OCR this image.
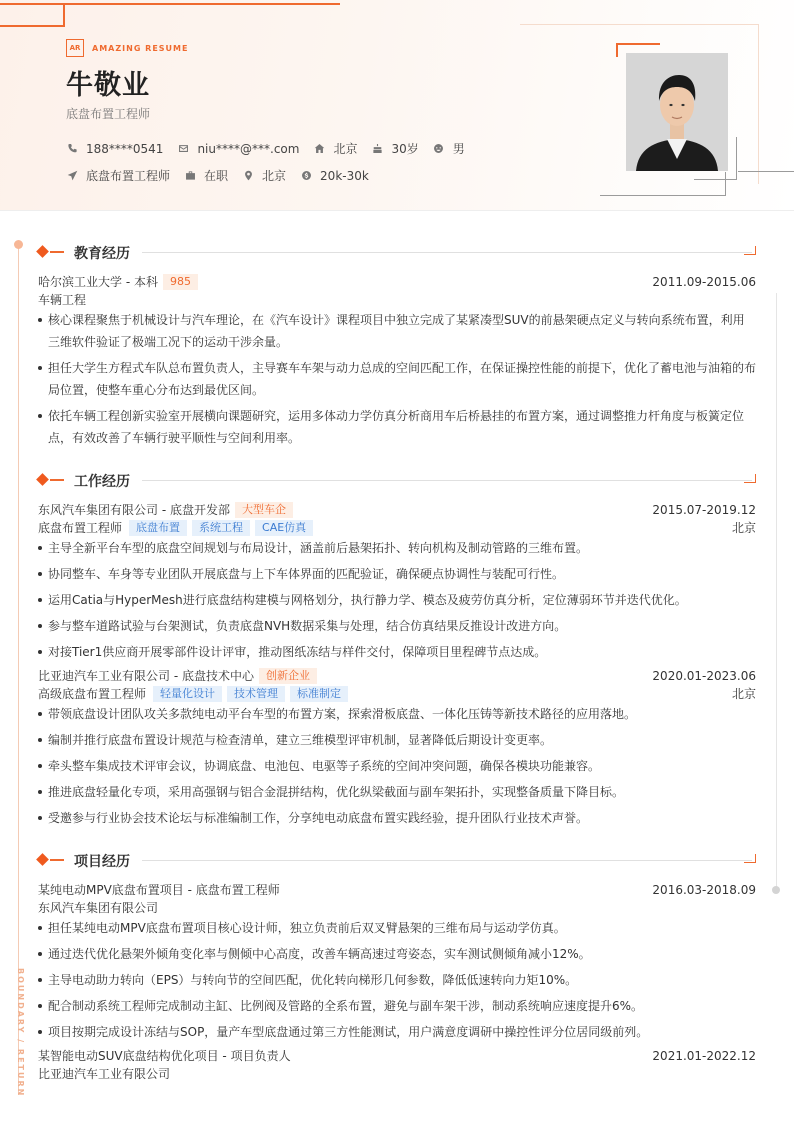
AR	AMAZING RESUME
牛敬业
底盘布置工程师
188****0541	niu****@***.com	北京	30岁	男
底盘布置工程师	在职	北京	20k-30k
BOUNDARY / RETURN
教育经历
哈尔滨工业大学 - 本科	985	2011.09-2015.06
车辆工程
核心课程聚焦于机械设计与汽车理论，在《汽车设计》课程项目中独立完成了某紧凑型SUV的前悬架硬点定义与转向系统布置，利用三维软件验证了极端工况下的运动干涉余量。
担任大学生方程式车队总布置负责人，主导赛车车架与动力总成的空间匹配工作，在保证操控性能的前提下，优化了蓄电池与油箱的布局位置，使整车重心分布达到最优区间。
依托车辆工程创新实验室开展横向课题研究，运用多体动力学仿真分析商用车后桥悬挂的布置方案，通过调整推力杆角度与板簧定位点，有效改善了车辆行驶平顺性与空间利用率。
工作经历
东风汽车集团有限公司 - 底盘开发部	大型车企	2015.07-2019.12
底盘布置工程师	底盘布置	系统工程	CAE仿真	北京
主导全新平台车型的底盘空间规划与布局设计，涵盖前后悬架拓扑、转向机构及制动管路的三维布置。
协同整车、车身等专业团队开展底盘与上下车体界面的匹配验证，确保硬点协调性与装配可行性。
运用Catia与HyperMesh进行底盘结构建模与网格划分，执行静力学、模态及疲劳仿真分析，定位薄弱环节并迭代优化。
参与整车道路试验与台架测试，负责底盘NVH数据采集与处理，结合仿真结果反推设计改进方向。
对接Tier1供应商开展零部件设计评审，推动图纸冻结与样件交付，保障项目里程碑节点达成。
比亚迪汽车工业有限公司 - 底盘技术中心	创新企业	2020.01-2023.06
高级底盘布置工程师	轻量化设计	技术管理	标准制定	北京
带领底盘设计团队攻关多款纯电动平台车型的布置方案，探索滑板底盘、一体化压铸等新技术路径的应用落地。
编制并推行底盘布置设计规范与检查清单，建立三维模型评审机制，显著降低后期设计变更率。
牵头整车集成技术评审会议，协调底盘、电池包、电驱等子系统的空间冲突问题，确保各模块功能兼容。
推进底盘轻量化专项，采用高强钢与铝合金混拼结构，优化纵梁截面与副车架拓扑，实现整备质量下降目标。
受邀参与行业协会技术论坛与标准编制工作，分享纯电动底盘布置实践经验，提升团队行业技术声誉。
项目经历
某纯电动MPV底盘布置项目 - 底盘布置工程师	2016.03-2018.09
东风汽车集团有限公司
担任某纯电动MPV底盘布置项目核心设计师，独立负责前后双叉臂悬架的三维布局与运动学仿真。
通过迭代优化悬架外倾角变化率与侧倾中心高度，改善车辆高速过弯姿态，实车测试侧倾角减小12%。
主导电动助力转向（EPS）与转向节的空间匹配，优化转向梯形几何参数，降低低速转向力矩10%。
配合制动系统工程师完成制动主缸、比例阀及管路的全系布置，避免与副车架干涉，制动系统响应速度提升6%。
项目按期完成设计冻结与SOP，量产车型底盘通过第三方性能测试，用户满意度调研中操控性评分位居同级前列。
某智能电动SUV底盘结构优化项目 - 项目负责人	2021.01-2022.12
比亚迪汽车工业有限公司
